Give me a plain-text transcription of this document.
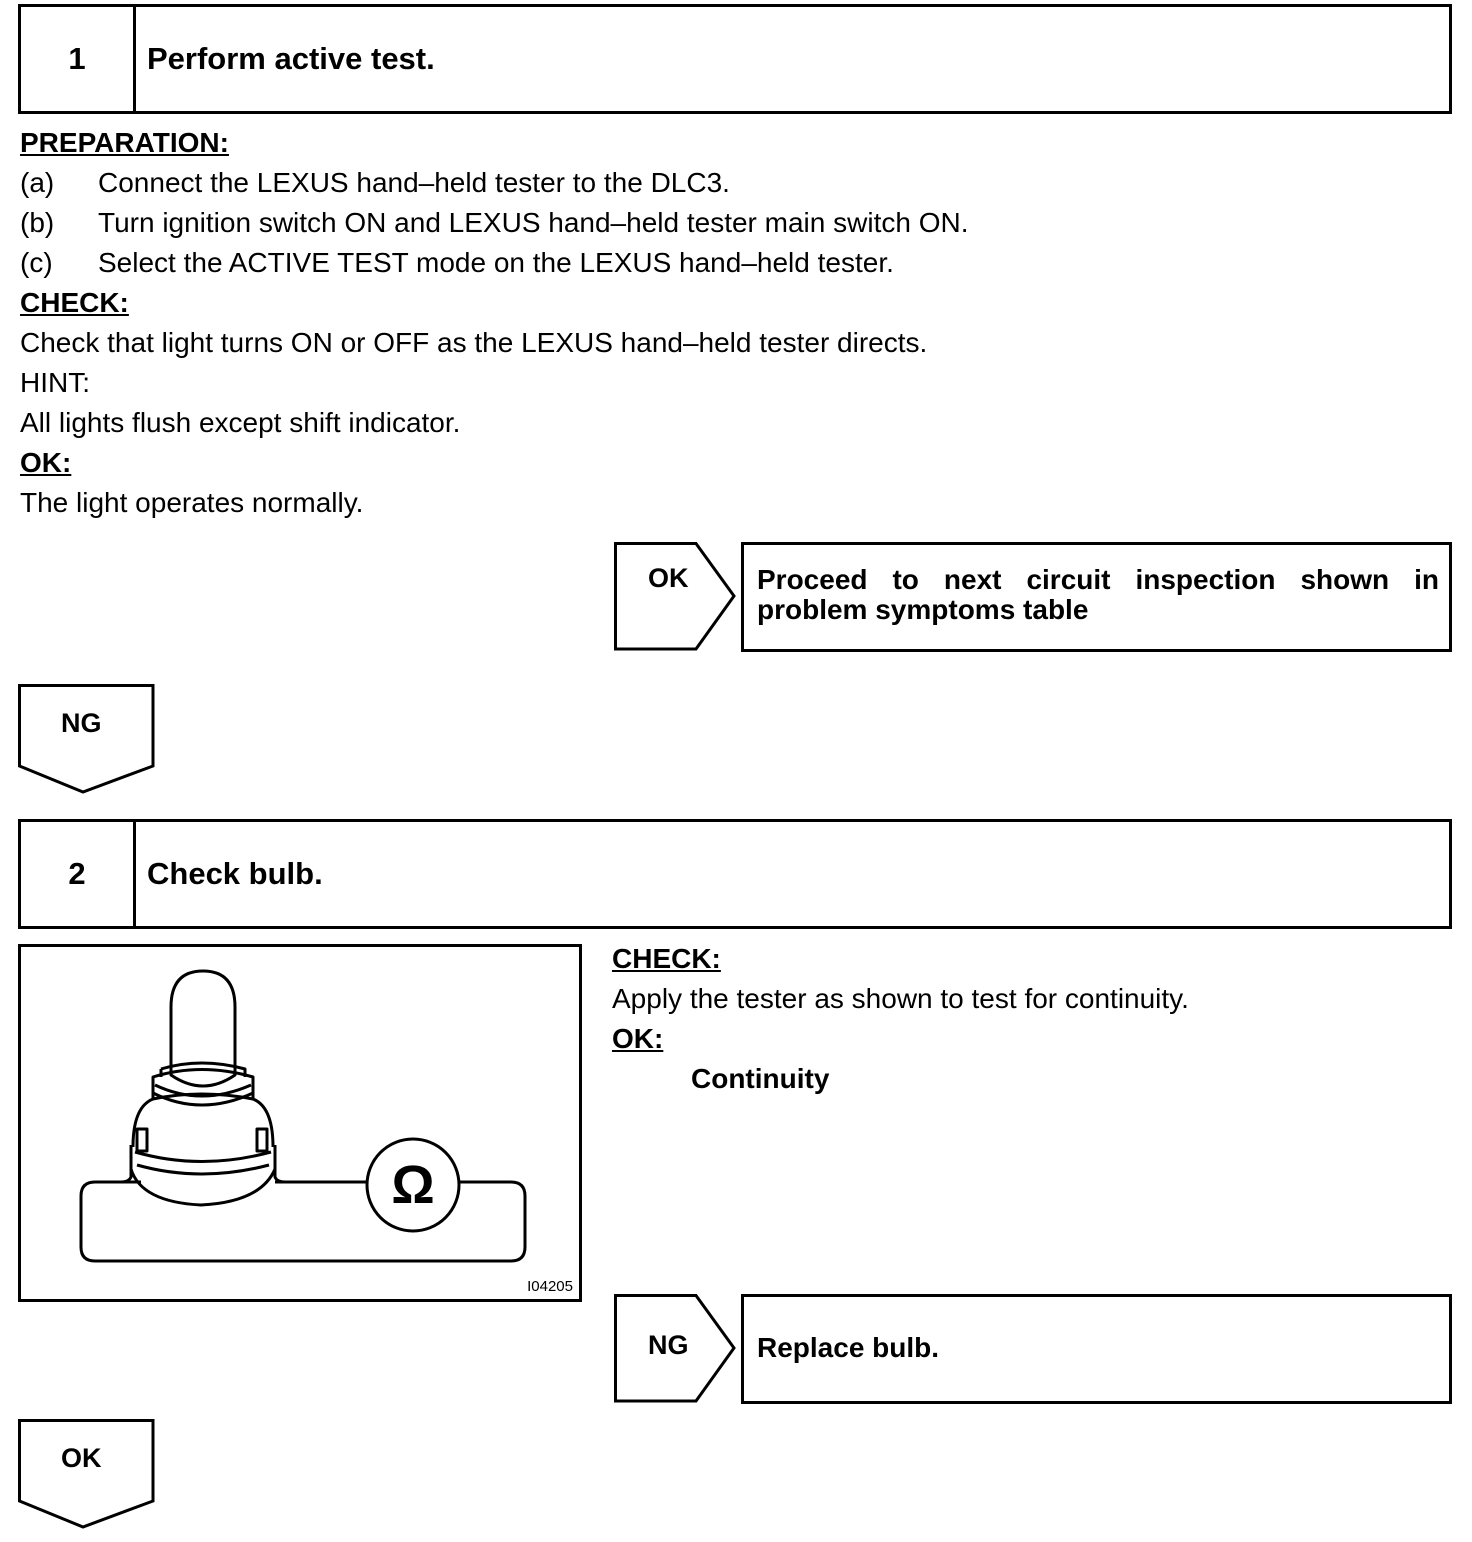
1	Perform active test.
PREPARATION:
(a) Connect the LEXUS hand–held tester to the DLC3.
(b) Turn ignition switch ON and LEXUS hand–held tester main switch ON.
(c) Select the ACTIVE TEST mode on the LEXUS hand–held tester.
CHECK:
Check that light turns ON or OFF as the LEXUS hand–held tester directs.
HINT:
All lights flush except shift indicator.
OK:
The light operates normally.
OK Proceed to next circuit inspection shown in problem symptoms table
NG
2	Check bulb.
Ω
I04205
CHECK:
Apply the tester as shown to test for continuity.
OK:
Continuity
NG Replace bulb.
OK
